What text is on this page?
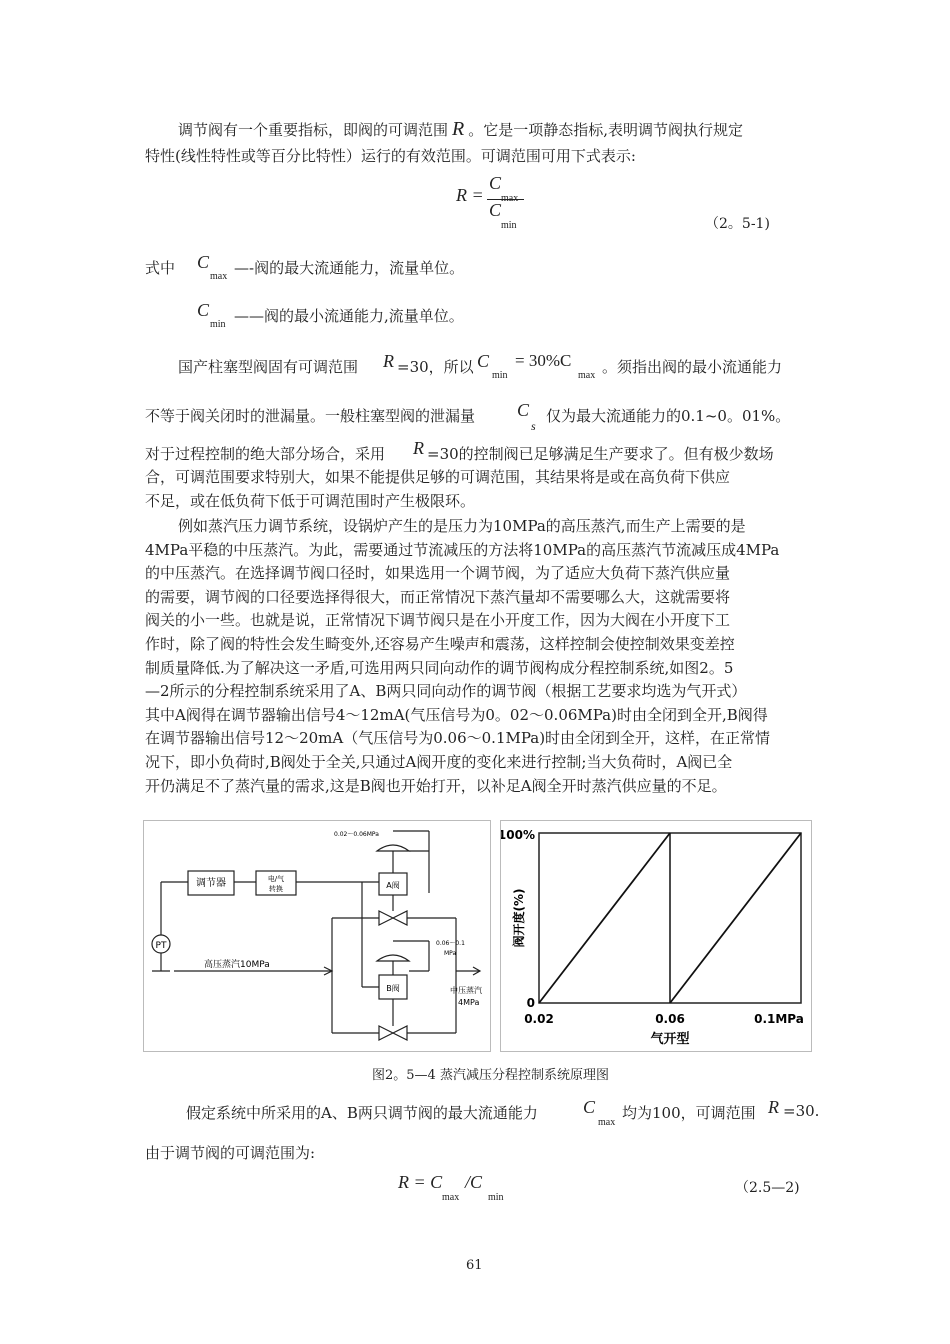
调节阀有一个重要指标，即阀的可调范围 R 。它是一项静态指标,表明调节阀执行规定
特性(线性特性或等百分比特性）运行的有效范围。可调范围可用下式表示:
R =
C
max
C
min	（2。5-1)
式中 C
max —-阀的最大流通能力，流量单位。
C
min ——阀的最小流通能力,流量单位。
国产柱塞型阀固有可调范围 R =30，所以 C
min
= 30%C
max 。须指出阀的最小流通能力
不等于阀关闭时的泄漏量。一般柱塞型阀的泄漏量 C
s
仅为最大流通能力的0.1~0。01%。
对于过程控制的绝大部分场合，采用 R =30的控制阀已足够满足生产要求了。但有极少数场
合，可调范围要求特别大，如果不能提供足够的可调范围，其结果将是或在高负荷下供应
不足，或在低负荷下低于可调范围时产生极限环。
例如蒸汽压力调节系统，设锅炉产生的是压力为10MPa的高压蒸汽,而生产上需要的是
4MPa平稳的中压蒸汽。为此，需要通过节流减压的方法将10MPa的高压蒸汽节流减压成4MPa
的中压蒸汽。在选择调节阀口径时，如果选用一个调节阀，为了适应大负荷下蒸汽供应量
的需要，调节阀的口径要选择得很大，而正常情况下蒸汽量却不需要哪么大，这就需要将
阀关的小一些。也就是说，正常情况下调节阀只是在小开度工作，因为大阀在小开度下工
作时，除了阀的特性会发生畸变外,还容易产生噪声和震荡，这样控制会使控制效果变差控
制质量降低.为了解决这一矛盾,可选用两只同向动作的调节阀构成分程控制系统,如图2。5
—2所示的分程控制系统采用了A、B两只同向动作的调节阀（根据工艺要求均选为气开式）
其中A阀得在调节器输出信号4～12mA(气压信号为0。02～0.06MPa)时由全闭到全开,B阀得
在调节器输出信号12～20mA（气压信号为0.06～0.1MPa)时由全闭到全开，这样，在正常情
况下，即小负荷时,B阀处于全关,只通过A阀开度的变化来进行控制;当大负荷时，A阀已全
开仍满足不了蒸汽量的需求,这是B阀也开始打开，以补足A阀全开时蒸汽供应量的不足。
PT
调节器	电/气
转换	A阀
B阀
0.02～0.06MPa
0.06～0.1
MPa
高压蒸汽10MPa
中压蒸汽
4MPa
100%
0
0.02	0.06	0.1MPa
气开型
阀开度(%)
图2。5—4 蒸汽减压分程控制系统原理图
假定系统中所采用的A、B两只调节阀的最大流通能力	C
max
均为100，可调范围 R =30.
由于调节阀的可调范围为:
R = C
max
/C
min
（2.5—2)
61
